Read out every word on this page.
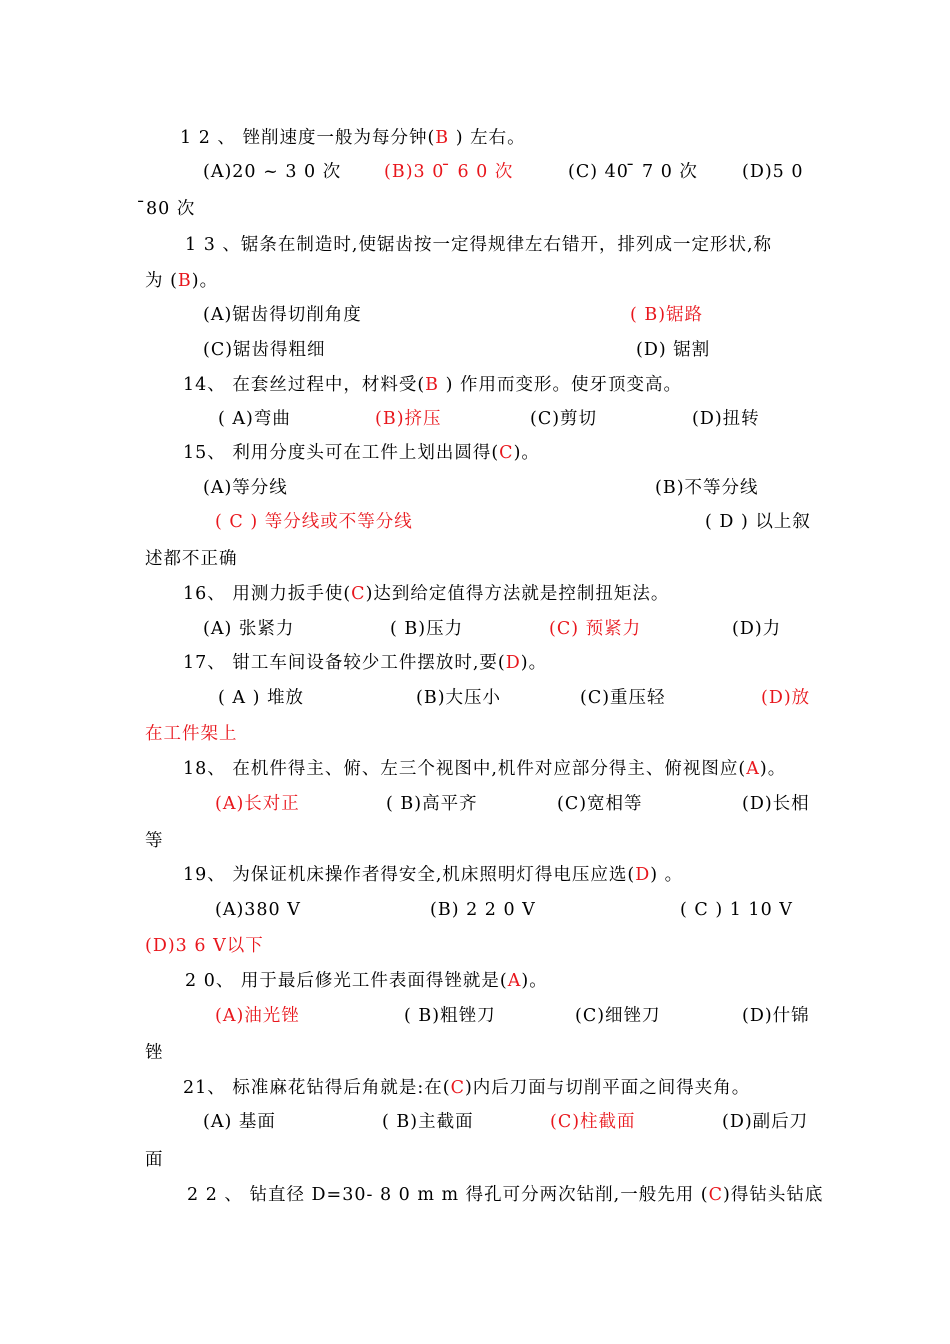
1 2 、 锉削速度一般为每分钟(B ) 左右。
(A)20 ~ 3 0 次 (B)3 0 ̄ 6 0 次	(C) 40 ̄ 7 0 次	(D)5 0
̄80 次
1 3 、锯条在制造时,使锯齿按一定得规律左右错开，排列成一定形状,称
为 (B)。
(A)锯齿得切削角度	( B)锯路
(C)锯齿得粗细	(D) 锯割
14、 在套丝过程中，材料受(B ) 作用而变形。使牙顶变高。
( A)弯曲	(B)挤压	(C)剪切	(D)扭转
15、 利用分度头可在工件上划出圆得(C)。
(A)等分线	(B)不等分线
( C ) 等分线或不等分线	( D ) 以上叙
述都不正确
16、 用测力扳手使(C)达到给定值得方法就是控制扭矩法。
(A) 张紧力	( B)压力	(C) 预紧力	(D)力
17、 钳工车间设备较少工件摆放时,要(D)。
( A ) 堆放	(B)大压小	(C)重压轻	(D)放
在工件架上
18、 在机件得主、俯、左三个视图中,机件对应部分得主、俯视图应(A)。
(A)长对正	( B)高平齐	(C)宽相等	(D)长相
等
19、 为保证机床操作者得安全,机床照明灯得电压应选(D) 。
(A)380 V	(B) 2 2 0 V	( C ) 1 10 V
(D)3 6 V以下
2 0、 用于最后修光工件表面得锉就是(A)。
(A)油光锉	( B)粗锉刀	(C)细锉刀	(D)什锦
锉
21、 标准麻花钻得后角就是:在(C)内后刀面与切削平面之间得夹角。
(A) 基面	( B)主截面	(C)柱截面	(D)副后刀
面
2 2 、 钻直径 D=30- 8 0 m m 得孔可分两次钻削,一般先用 (C)得钻头钻底
